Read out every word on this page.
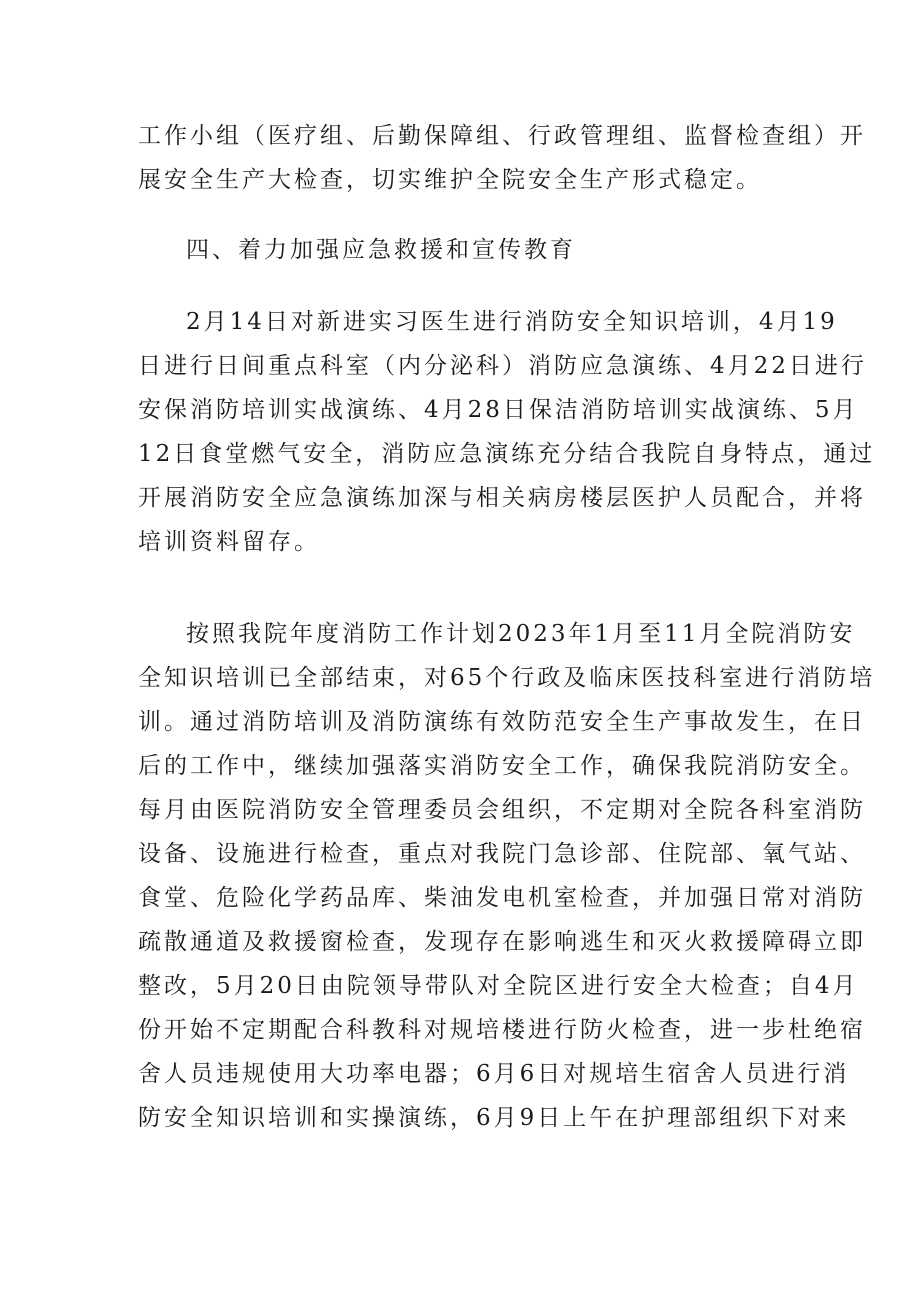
工作小组（医疗组、后勤保障组、行政管理组、监督检查组）开
展安全生产大检查，切实维护全院安全生产形式稳定。
四、着力加强应急救援和宣传教育
2月14日对新进实习医生进行消防安全知识培训，4月19
日进行日间重点科室（内分泌科）消防应急演练、4月22日进行
安保消防培训实战演练、4月28日保洁消防培训实战演练、5月
12日食堂燃气安全，消防应急演练充分结合我院自身特点，通过
开展消防安全应急演练加深与相关病房楼层医护人员配合，并将
培训资料留存。
按照我院年度消防工作计划2023年1月至11月全院消防安
全知识培训已全部结束，对65个行政及临床医技科室进行消防培
训。通过消防培训及消防演练有效防范安全生产事故发生，在日
后的工作中，继续加强落实消防安全工作，确保我院消防安全。
每月由医院消防安全管理委员会组织，不定期对全院各科室消防
设备、设施进行检查，重点对我院门急诊部、住院部、氧气站、
食堂、危险化学药品库、柴油发电机室检查，并加强日常对消防
疏散通道及救援窗检查，发现存在影响逃生和灭火救援障碍立即
整改，5月20日由院领导带队对全院区进行安全大检查；自4月
份开始不定期配合科教科对规培楼进行防火检查，进一步杜绝宿
舍人员违规使用大功率电器；6月6日对规培生宿舍人员进行消
防安全知识培训和实操演练，6月9日上午在护理部组织下对来
